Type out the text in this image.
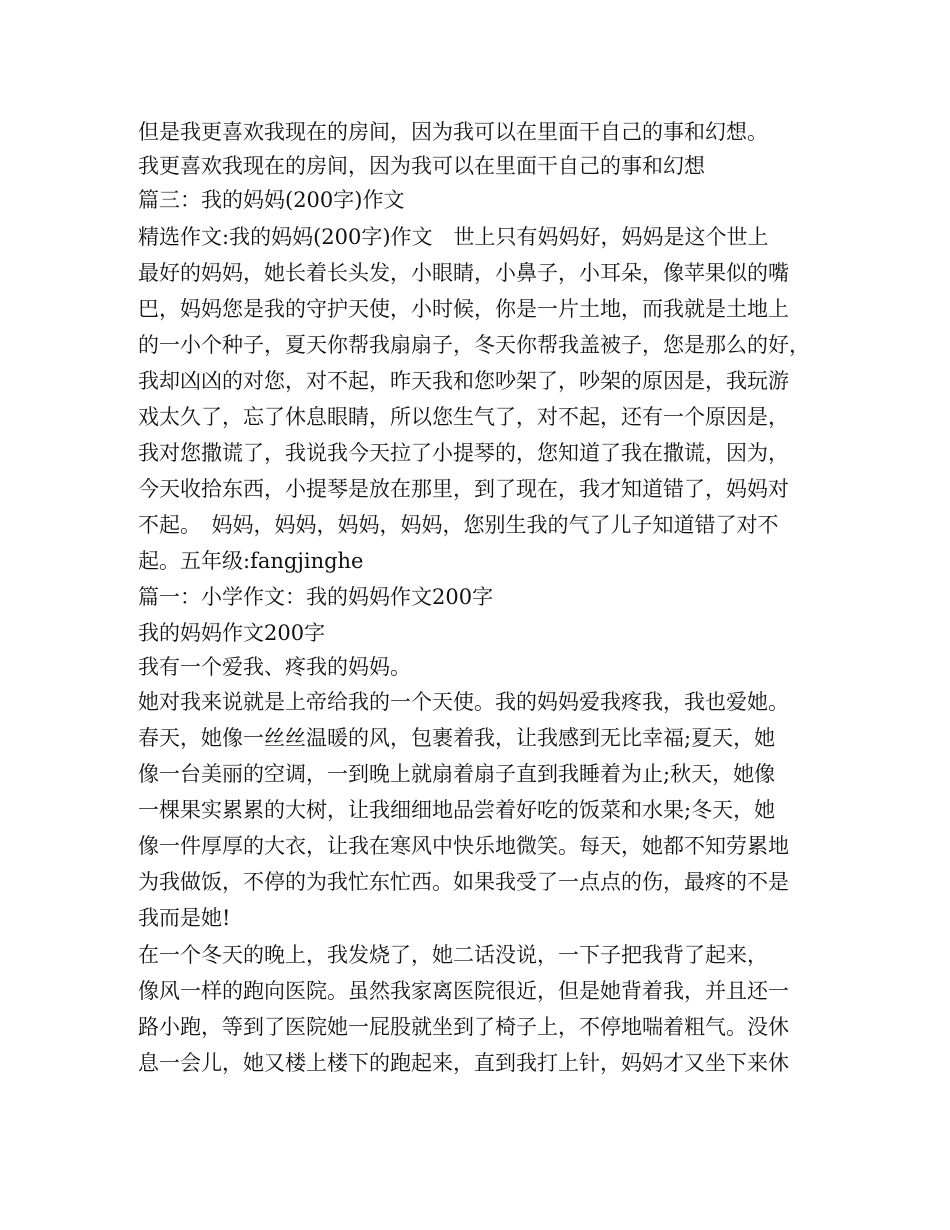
但是我更喜欢我现在的房间，因为我可以在里面干自己的事和幻想。
我更喜欢我现在的房间，因为我可以在里面干自己的事和幻想
篇三：我的妈妈(200字)作文
精选作文:我的妈妈(200字)作文　世上只有妈妈好，妈妈是这个世上
最好的妈妈，她长着长头发，小眼睛，小鼻子，小耳朵，像苹果似的嘴
巴，妈妈您是我的守护天使，小时候，你是一片土地，而我就是土地上
的一小个种子，夏天你帮我扇扇子，冬天你帮我盖被子，您是那么的好，
我却凶凶的对您，对不起，昨天我和您吵架了，吵架的原因是，我玩游
戏太久了，忘了休息眼睛，所以您生气了，对不起，还有一个原因是，
我对您撒谎了，我说我今天拉了小提琴的，您知道了我在撒谎，因为，
今天收拾东西，小提琴是放在那里，到了现在，我才知道错了，妈妈对
不起。　妈妈，妈妈，妈妈，妈妈，您别生我的气了儿子知道错了对不
起。五年级:fangjinghe
篇一：小学作文：我的妈妈作文200字
我的妈妈作文200字
我有一个爱我、疼我的妈妈。
她对我来说就是上帝给我的一个天使。我的妈妈爱我疼我，我也爱她。
春天，她像一丝丝温暖的风，包裹着我，让我感到无比幸福;夏天，她
像一台美丽的空调，一到晚上就扇着扇子直到我睡着为止;秋天，她像
一棵果实累累的大树，让我细细地品尝着好吃的饭菜和水果;冬天，她
像一件厚厚的大衣，让我在寒风中快乐地微笑。每天，她都不知劳累地
为我做饭，不停的为我忙东忙西。如果我受了一点点的伤，最疼的不是
我而是她!
在一个冬天的晚上，我发烧了，她二话没说，一下子把我背了起来，
像风一样的跑向医院。虽然我家离医院很近，但是她背着我，并且还一
路小跑，等到了医院她一屁股就坐到了椅子上，不停地喘着粗气。没休
息一会儿，她又楼上楼下的跑起来，直到我打上针，妈妈才又坐下来休
